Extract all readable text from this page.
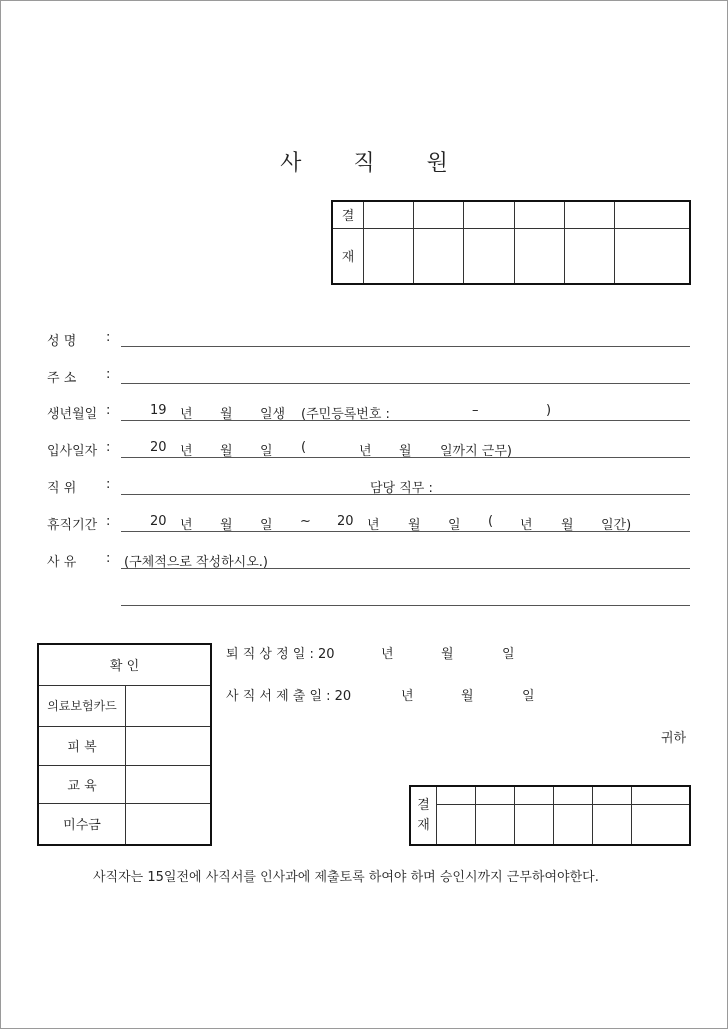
사 직 원
결						
재						
성 명	:
주 소	:
생년월일 :	19 년 월 일생 (주민등록번호 :	–	)
입사일자 :	20 년 월 일 (	년 월 일까지 근무)
직 위	:	담당 직무 :
휴직기간 :	20 년 월 일 ~ 20 년 월 일 ( 년 월 일간)
사 유	: (구체적으로 작성하시오.)
확 인	
의료보험카드	
피 복	
교 육	
미수금	
퇴 직 상 정 일 : 20	년	월	일
사 직 서 제 출 일 : 20	년	월	일
귀하
결
재						

사직자는 15일전에 사직서를 인사과에 제출토록 하여야 하며 승인시까지 근무하여야한다.
